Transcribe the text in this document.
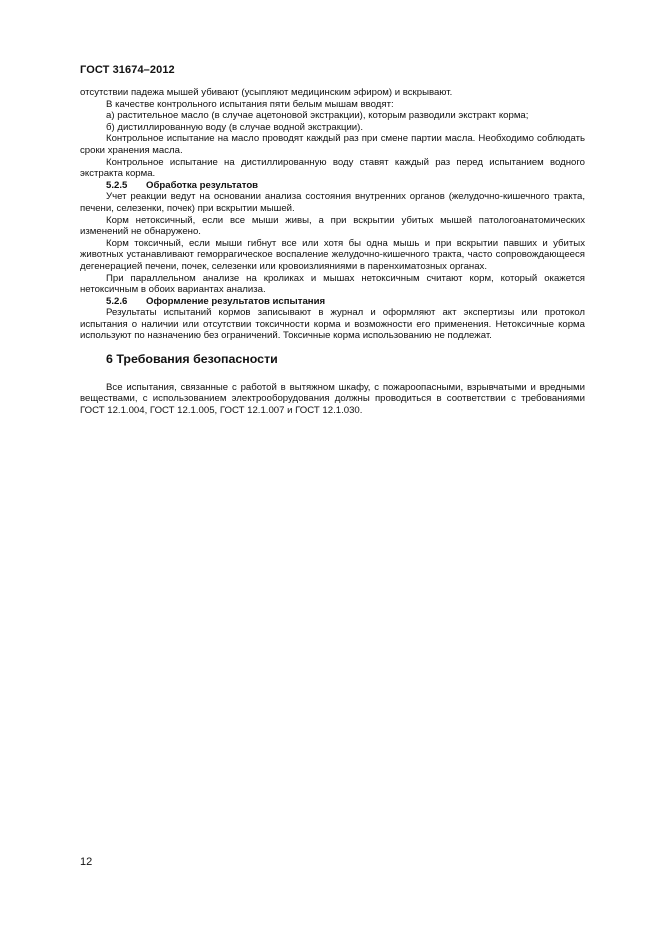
ГОСТ 31674–2012

отсутствии падежа мышей убивают (усыпляют медицинским эфиром) и вскрывают.

В качестве контрольного испытания пяти белым мышам вводят:

а) растительное масло (в случае ацетоновой экстракции), которым разводили экстракт корма;

б) дистиллированную воду (в случае водной экстракции).

Контрольное испытание на масло проводят каждый раз при смене партии масла. Необходимо соблюдать сроки хранения масла.

Контрольное испытание на дистиллированную воду ставят каждый раз перед испытанием водного экстракта корма.

5.2.5 Обработка результатов

Учет реакции ведут на основании анализа состояния внутренних органов (желудочно-кишечного тракта, печени, селезенки, почек) при вскрытии мышей.

Корм нетоксичный, если все мыши живы, а при вскрытии убитых мышей патологоанатомических изменений не обнаружено.

Корм токсичный, если мыши гибнут все или хотя бы одна мышь и при вскрытии павших и убитых животных устанавливают геморрагическое воспаление желудочно-кишечного тракта, часто сопровождающееся дегенерацией печени, почек, селезенки или кровоизлияниями в паренхиматозных органах.

При параллельном анализе на кроликах и мышах нетоксичным считают корм, который окажется нетоксичным в обоих вариантах анализа.

5.2.6 Оформление результатов испытания

Результаты испытаний кормов записывают в журнал и оформляют акт экспертизы или протокол испытания о наличии или отсутствии токсичности корма и возможности его применения. Нетоксичные корма используют по назначению без ограничений. Токсичные корма использованию не подлежат.

6 Требования безопасности

Все испытания, связанные с работой в вытяжном шкафу, с пожароопасными, взрывчатыми и вредными веществами, с использованием электрооборудования должны проводиться в соответствии с требованиями ГОСТ 12.1.004, ГОСТ 12.1.005, ГОСТ 12.1.007 и ГОСТ 12.1.030.

12
